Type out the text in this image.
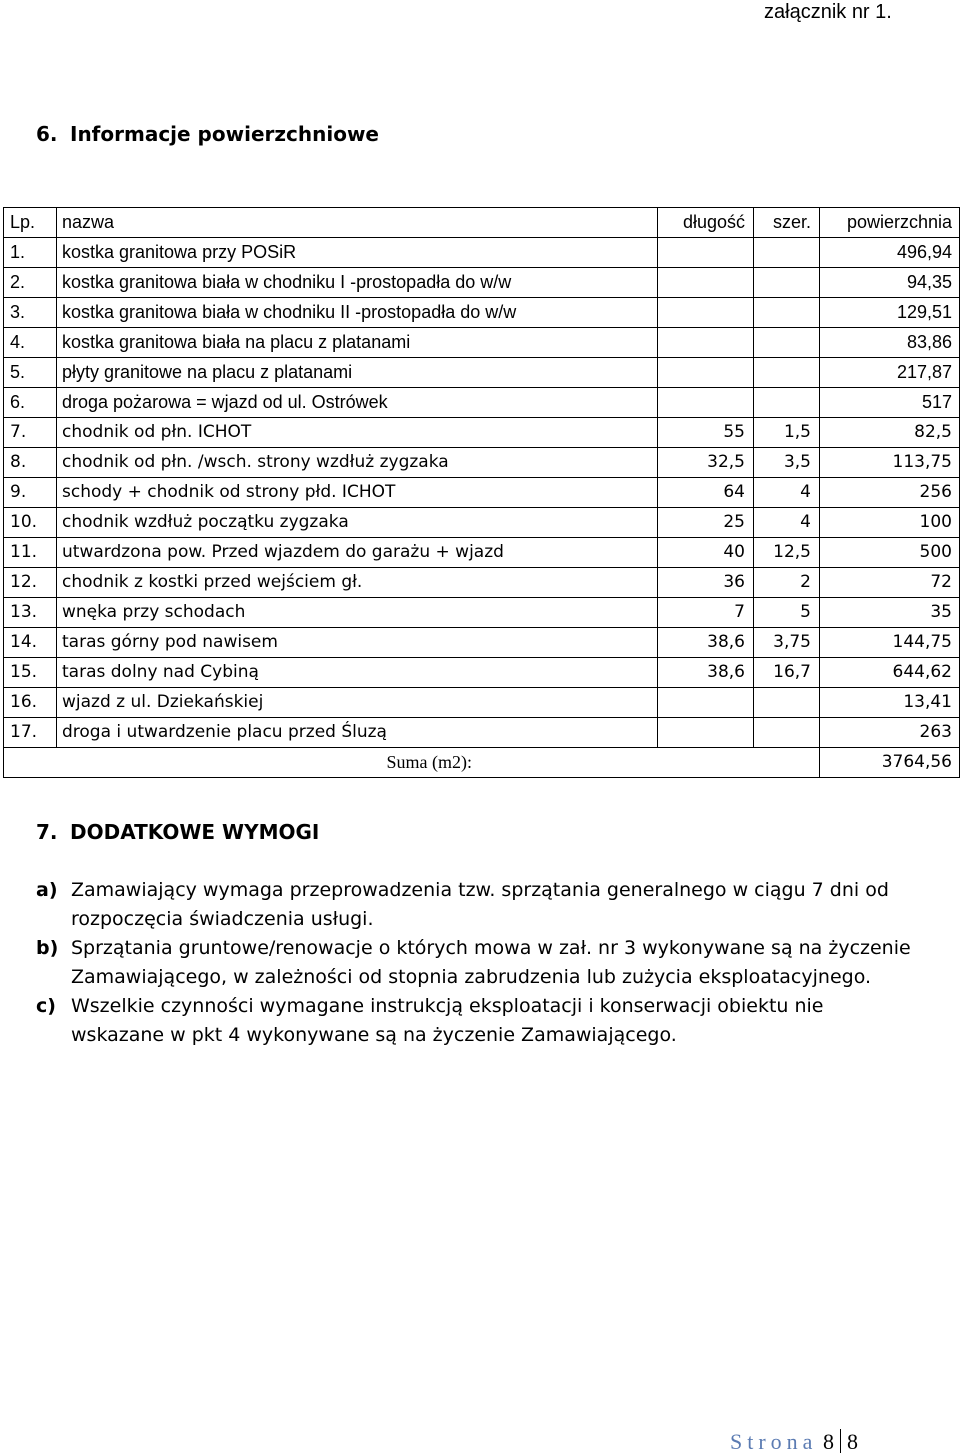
załącznik nr 1.
6. Informacje powierzchniowe
Lp.	nazwa	długość	szer.	powierzchnia
1.	kostka granitowa przy POSiR			496,94
2.	kostka granitowa biała w chodniku I -prostopadła do w/w			94,35
3.	kostka granitowa biała w chodniku II -prostopadła do w/w			129,51
4.	kostka granitowa biała na placu z platanami			83,86
5.	płyty granitowe na placu z platanami			217,87
6.	droga pożarowa = wjazd od ul. Ostrówek			517
7.	chodnik od płn. ICHOT	55	1,5	82,5
8.	chodnik od płn. /wsch. strony wzdłuż zygzaka	32,5	3,5	113,75
9.	schody + chodnik od strony płd. ICHOT	64	4	256
10.	chodnik wzdłuż początku zygzaka	25	4	100
11.	utwardzona pow. Przed wjazdem do garażu + wjazd	40	12,5	500
12.	chodnik z kostki przed wejściem gł.	36	2	72
13.	wnęka przy schodach	7	5	35
14.	taras górny pod nawisem	38,6	3,75	144,75
15.	taras dolny nad Cybiną	38,6	16,7	644,62
16.	wjazd z ul. Dziekańskiej			13,41
17.	droga i utwardzenie placu przed Śluzą			263
	Suma (m2):			3764,56
7. DODATKOWE WYMOGI
a) Zamawiający wymaga przeprowadzenia tzw. sprzątania generalnego w ciągu 7 dni od rozpoczęcia świadczenia usługi.
b) Sprzątania gruntowe/renowacje o których mowa w zał. nr 3 wykonywane są na życzenie Zamawiającego, w zależności od stopnia zabrudzenia lub zużycia eksploatacyjnego.
c) Wszelkie czynności wymagane instrukcją eksploatacji i konserwacji obiektu nie wskazane w pkt 4 wykonywane są na życzenie Zamawiającego.
Strona 8 8
